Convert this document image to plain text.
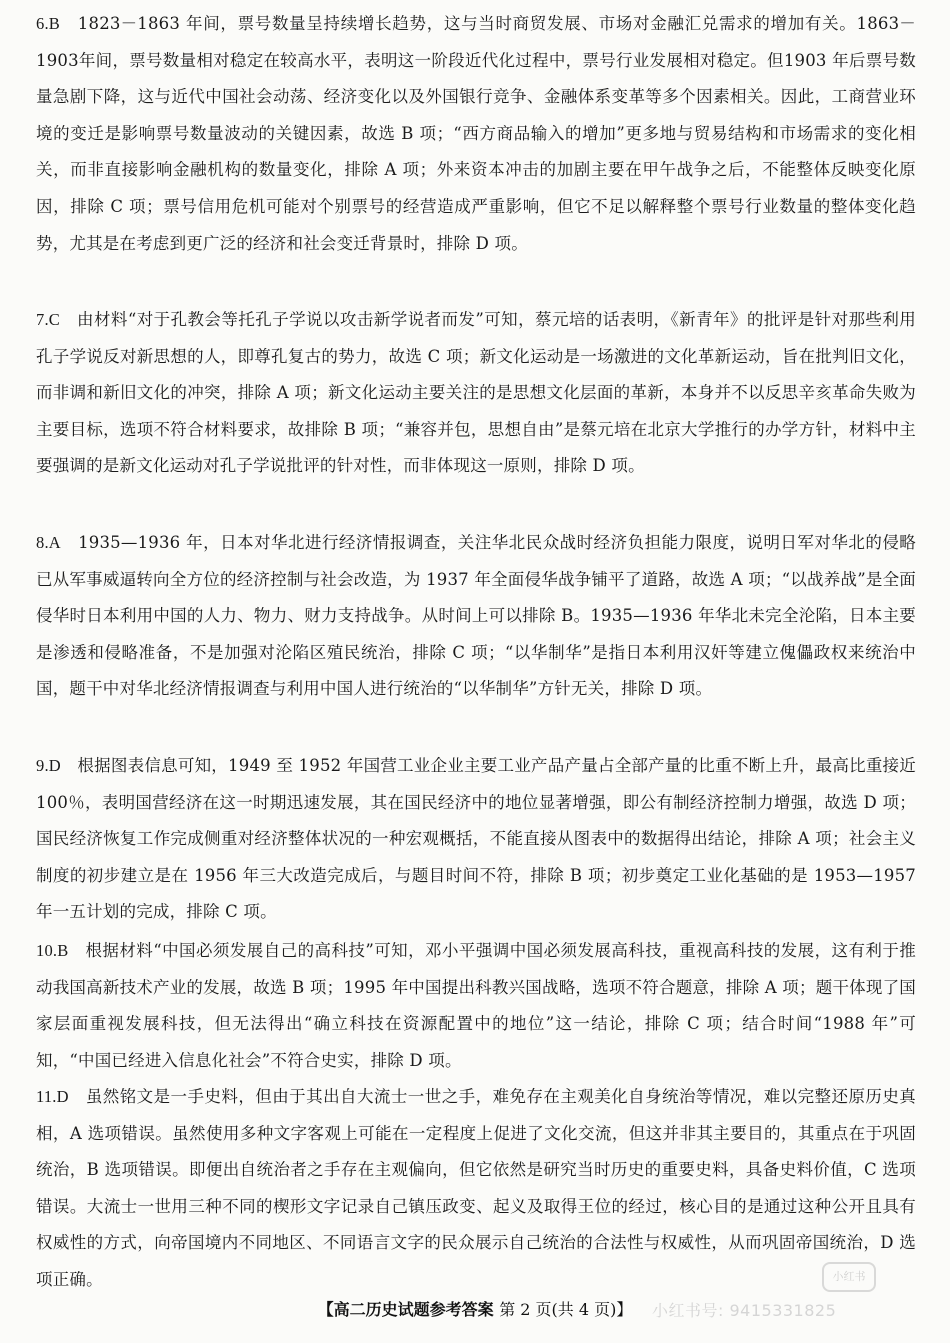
6.B 1823－1863 年间，票号数量呈持续增长趋势，这与当时商贸发展、市场对金融汇兑需求的增加有关。1863－1903年间，票号数量相对稳定在较高水平，表明这一阶段近代化过程中，票号行业发展相对稳定。但1903 年后票号数量急剧下降，这与近代中国社会动荡、经济变化以及外国银行竞争、金融体系变革等多个因素相关。因此，工商营业环境的变迁是影响票号数量波动的关键因素，故选 B 项；“西方商品输入的增加”更多地与贸易结构和市场需求的变化相关，而非直接影响金融机构的数量变化，排除 A 项；外来资本冲击的加剧主要在甲午战争之后，不能整体反映变化原因，排除 C 项；票号信用危机可能对个别票号的经营造成严重影响，但它不足以解释整个票号行业数量的整体变化趋势，尤其是在考虑到更广泛的经济和社会变迁背景时，排除 D 项。

7.C 由材料“对于孔教会等托孔子学说以攻击新学说者而发”可知，蔡元培的话表明，《新青年》的批评是针对那些利用孔子学说反对新思想的人，即尊孔复古的势力，故选 C 项；新文化运动是一场激进的文化革新运动，旨在批判旧文化，而非调和新旧文化的冲突，排除 A 项；新文化运动主要关注的是思想文化层面的革新，本身并不以反思辛亥革命失败为主要目标，选项不符合材料要求，故排除 B 项；“兼容并包，思想自由”是蔡元培在北京大学推行的办学方针，材料中主要强调的是新文化运动对孔子学说批评的针对性，而非体现这一原则，排除 D 项。

8.A 1935—1936 年，日本对华北进行经济情报调查，关注华北民众战时经济负担能力限度，说明日军对华北的侵略已从军事威逼转向全方位的经济控制与社会改造，为 1937 年全面侵华战争铺平了道路，故选 A 项；“以战养战”是全面侵华时日本利用中国的人力、物力、财力支持战争。从时间上可以排除 B。1935—1936 年华北未完全沦陷，日本主要是渗透和侵略准备，不是加强对沦陷区殖民统治，排除 C 项；“以华制华”是指日本利用汉奸等建立傀儡政权来统治中国，题干中对华北经济情报调查与利用中国人进行统治的“以华制华”方针无关，排除 D 项。

9.D 根据图表信息可知，1949 至 1952 年国营工业企业主要工业产品产量占全部产量的比重不断上升，最高比重接近 100％，表明国营经济在这一时期迅速发展，其在国民经济中的地位显著增强，即公有制经济控制力增强，故选 D 项；国民经济恢复工作完成侧重对经济整体状况的一种宏观概括，不能直接从图表中的数据得出结论，排除 A 项；社会主义制度的初步建立是在 1956 年三大改造完成后，与题目时间不符，排除 B 项；初步奠定工业化基础的是 1953—1957 年一五计划的完成，排除 C 项。

10.B 根据材料“中国必须发展自己的高科技”可知，邓小平强调中国必须发展高科技，重视高科技的发展，这有利于推动我国高新技术产业的发展，故选 B 项；1995 年中国提出科教兴国战略，选项不符合题意，排除 A 项；题干体现了国家层面重视发展科技，但无法得出“确立科技在资源配置中的地位”这一结论，排除 C 项；结合时间“1988 年”可知，“中国已经进入信息化社会”不符合史实，排除 D 项。

11.D 虽然铭文是一手史料，但由于其出自大流士一世之手，难免存在主观美化自身统治等情况，难以完整还原历史真相，A 选项错误。虽然使用多种文字客观上可能在一定程度上促进了文化交流，但这并非其主要目的，其重点在于巩固统治，B 选项错误。即便出自统治者之手存在主观偏向，但它依然是研究当时历史的重要史料，具备史料价值，C 选项错误。大流士一世用三种不同的楔形文字记录自己镇压政变、起义及取得王位的经过，核心目的是通过这种公开且具有权威性的方式，向帝国境内不同地区、不同语言文字的民众展示自己统治的合法性与权威性，从而巩固帝国统治，D 选项正确。	小红书
【高二历史试题参考答案 第 2 页(共 4 页)】	小红书号: 9415331825
